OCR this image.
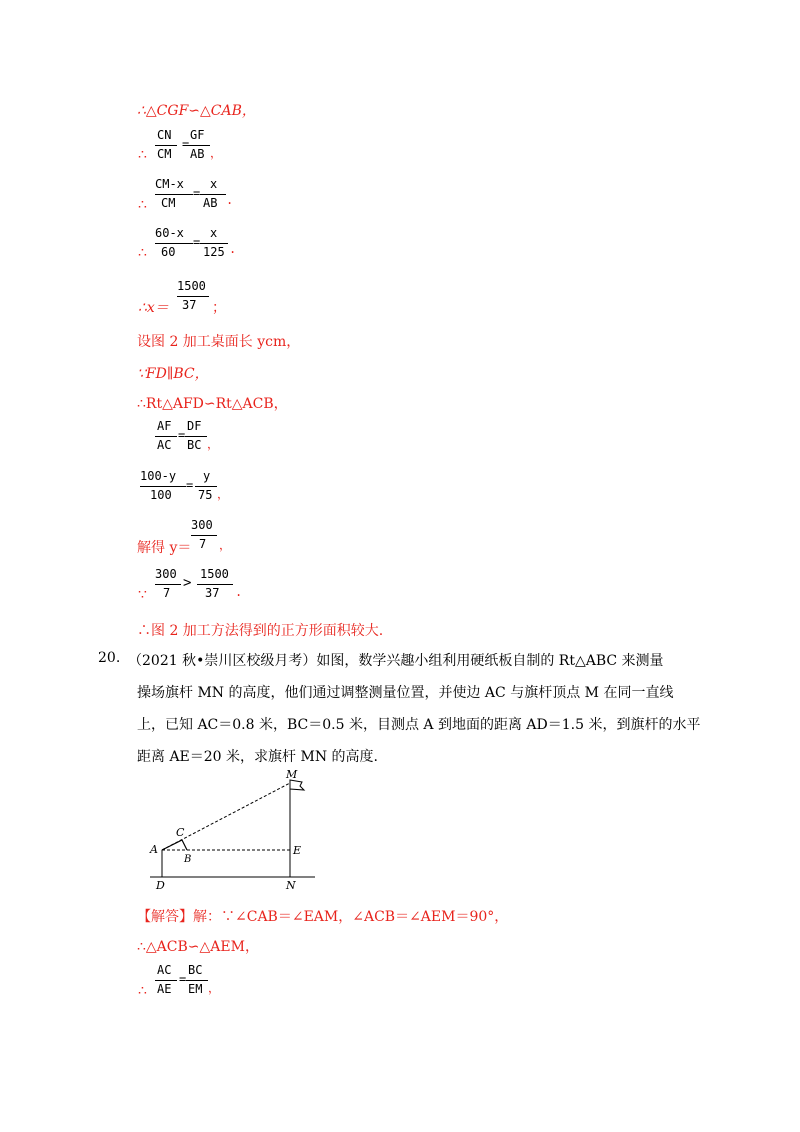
∴△CGF∽△CAB，
∴
CN
CM
=
GF
AB ，
∴
CM-x
CM
=
x
AB .
∴
60-x
60
=
x
125 .
∴x＝
1500
37 ；
设图 2 加工桌面长 ycm，
∵FD∥BC，
∴Rt△AFD∽Rt△ACB，
AF
AC
=
DF
BC ，
100-y
100
=
y
75 ，
解得 y＝
300
7 ，
∵
300
7
>
1500
37 .
∴图 2 加工方法得到的正方形面积较大.
20. （2021 秋•崇川区校级月考）如图，数学兴趣小组利用硬纸板自制的 Rt△ABC 来测量
操场旗杆 MN 的高度，他们通过调整测量位置，并使边 AC 与旗杆顶点 M 在同一直线
上，已知 AC＝0.8 米，BC＝0.5 米，目测点 A 到地面的距离 AD＝1.5 米，到旗杆的水平
距离 AE＝20 米，求旗杆 MN 的高度.
M
C
A
B
E
D	N
【解答】解：∵∠CAB＝∠EAM，∠ACB＝∠AEM＝90°，
∴△ACB∽△AEM，
∴
AC
AE
=
BC
EM ，
